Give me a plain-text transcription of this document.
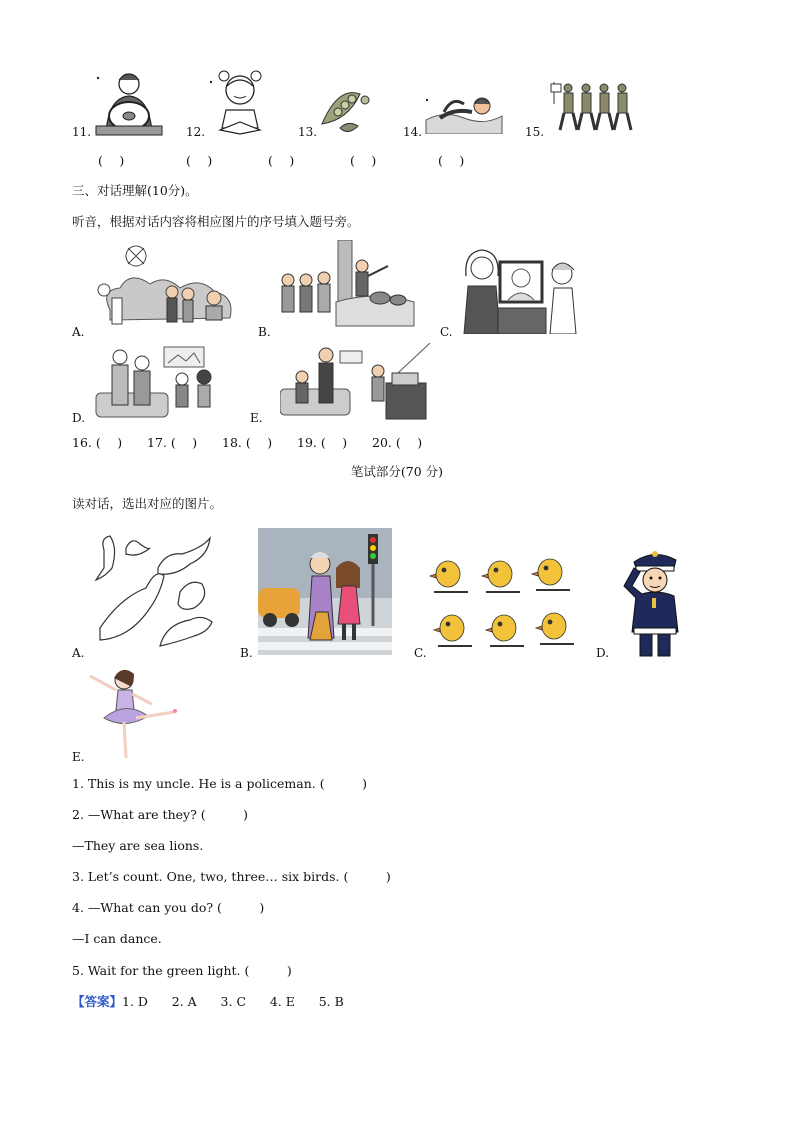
11.	12.	13.	14.	15.
(　 )	(　 )	(　 )	(　 )	(　 )
三、对话理解(10分)。
听音，根据对话内容将相应图片的序号填入题号旁。
A.	B.	C.
D.	E.
16. (　 ) 17. (　 ) 18. (　 ) 19. (　 ) 20. (　 )
笔试部分(70 分)
读对话，选出对应的图片。
A.	B.	C.	D.
E.
1. This is my uncle. He is a policeman. (　　　)
2. —What are they? (　　　)
—They are sea lions.
3. Let’s count. One, two, three… six birds. (　　　)
4. —What can you do? (　　　)
—I can dance.
5. Wait for the green light. (　　　)
【答案】1. D      2. A      3. C      4. E      5. B
